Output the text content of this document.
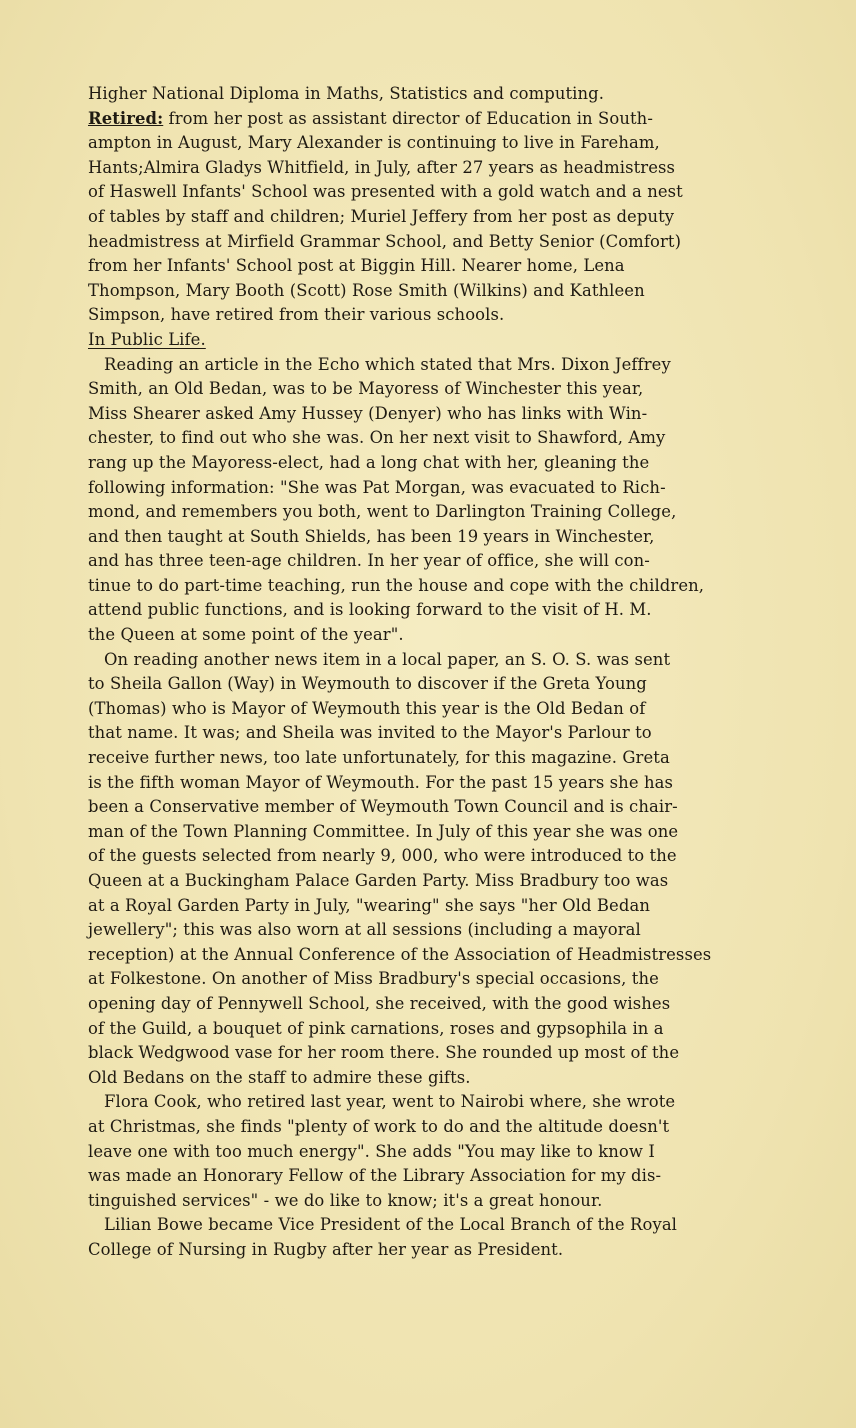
Higher National Diploma in Maths, Statistics and computing.
Retired: from her post as assistant director of Education in South-
ampton in August, Mary Alexander is continuing to live in Fareham,
Hants;Almira Gladys Whitfield, in July, after 27 years as headmistress
of Haswell Infants' School was presented with a gold watch and a nest
of tables by staff and children; Muriel Jeffery from her post as deputy
headmistress at Mirfield Grammar School, and Betty Senior (Comfort)
from her Infants' School post at Biggin Hill. Nearer home, Lena
Thompson, Mary Booth (Scott) Rose Smith (Wilkins) and Kathleen
Simpson, have retired from their various schools.
In Public Life.
Reading an article in the Echo which stated that Mrs. Dixon Jeffrey
Smith, an Old Bedan, was to be Mayoress of Winchester this year,
Miss Shearer asked Amy Hussey (Denyer) who has links with Win-
chester, to find out who she was. On her next visit to Shawford, Amy
rang up the Mayoress-elect, had a long chat with her, gleaning the
following information: "She was Pat Morgan, was evacuated to Rich-
mond, and remembers you both, went to Darlington Training College,
and then taught at South Shields, has been 19 years in Winchester,
and has three teen-age children. In her year of office, she will con-
tinue to do part-time teaching, run the house and cope with the children,
attend public functions, and is looking forward to the visit of H. M.
the Queen at some point of the year".
On reading another news item in a local paper, an S. O. S. was sent
to Sheila Gallon (Way) in Weymouth to discover if the Greta Young
(Thomas) who is Mayor of Weymouth this year is the Old Bedan of
that name. It was; and Sheila was invited to the Mayor's Parlour to
receive further news, too late unfortunately, for this magazine. Greta
is the fifth woman Mayor of Weymouth. For the past 15 years she has
been a Conservative member of Weymouth Town Council and is chair-
man of the Town Planning Committee. In July of this year she was one
of the guests selected from nearly 9, 000, who were introduced to the
Queen at a Buckingham Palace Garden Party. Miss Bradbury too was
at a Royal Garden Party in July, "wearing" she says "her Old Bedan
jewellery"; this was also worn at all sessions (including a mayoral
reception) at the Annual Conference of the Association of Headmistresses
at Folkestone. On another of Miss Bradbury's special occasions, the
opening day of Pennywell School, she received, with the good wishes
of the Guild, a bouquet of pink carnations, roses and gypsophila in a
black Wedgwood vase for her room there. She rounded up most of the
Old Bedans on the staff to admire these gifts.
Flora Cook, who retired last year, went to Nairobi where, she wrote
at Christmas, she finds "plenty of work to do and the altitude doesn't
leave one with too much energy". She adds "You may like to know I
was made an Honorary Fellow of the Library Association for my dis-
tinguished services" - we do like to know; it's a great honour.
Lilian Bowe became Vice President of the Local Branch of the Royal
College of Nursing in Rugby after her year as President.
